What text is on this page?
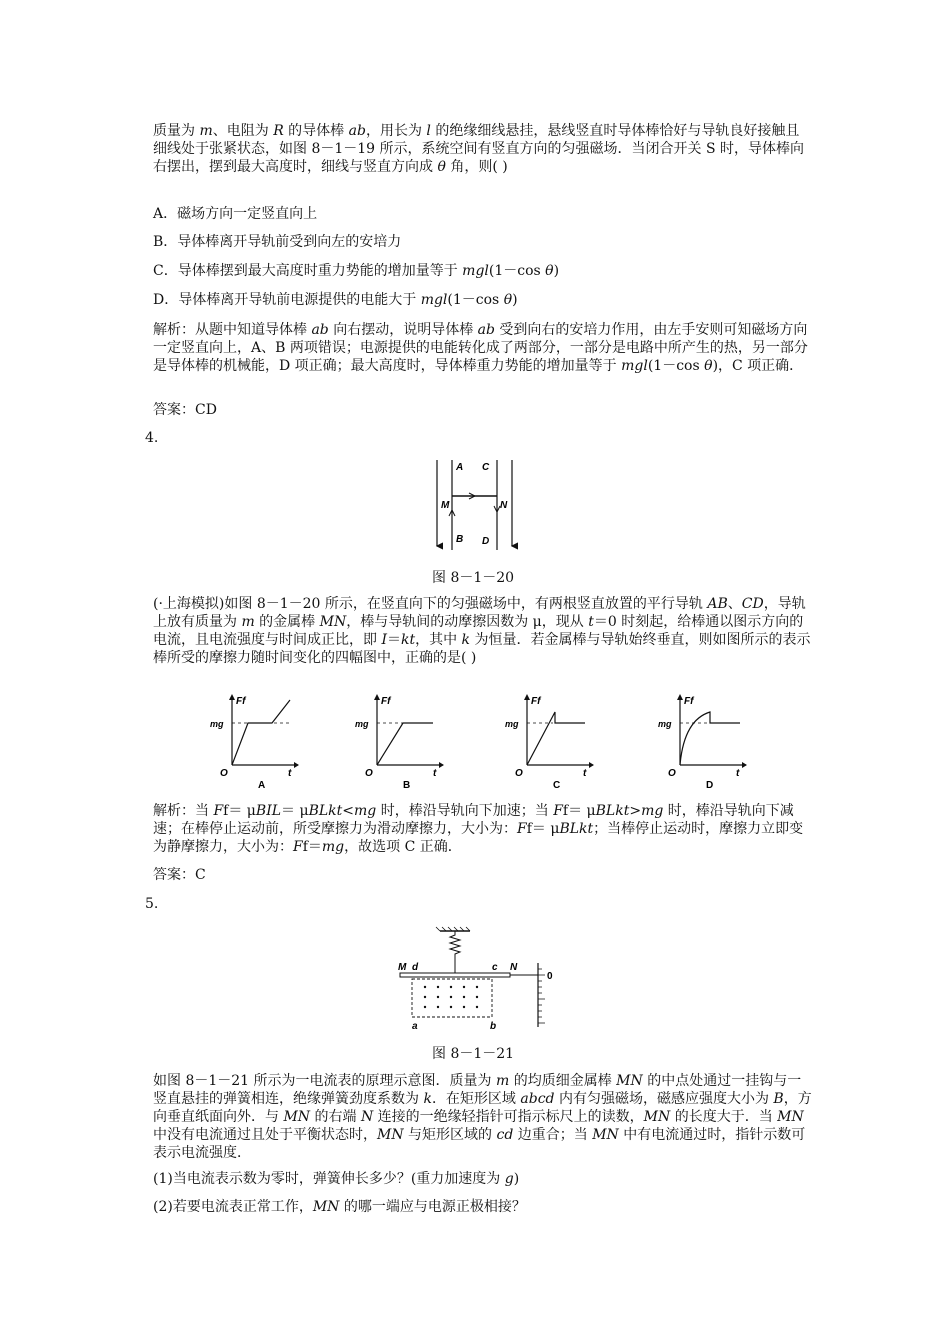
质量为 m、电阻为 R 的导体棒 ab，用长为 l 的绝缘细线悬挂，悬线竖直时导体棒恰好与导轨良好接触且细线处于张紧状态，如图 8－1－19 所示，系统空间有竖直方向的匀强磁场．当闭合开关 S 时，导体棒向右摆出，摆到最大高度时，细线与竖直方向成 θ 角，则( )

A．磁场方向一定竖直向上

B．导体棒离开导轨前受到向左的安培力

C．导体棒摆到最大高度时重力势能的增加量等于 mgl(1－cos θ)

D．导体棒离开导轨前电源提供的电能大于 mgl(1－cos θ)

解析：从题中知道导体棒 ab 向右摆动，说明导体棒 ab 受到向右的安培力作用，由左手安则可知磁场方向一定竖直向上，A、B 两项错误；电源提供的电能转化成了两部分，一部分是电路中所产生的热，另一部分是导体棒的机械能，D 项正确；最大高度时，导体棒重力势能的增加量等于 mgl(1－cos θ)，C 项正确．

答案：CD

4.
A C
M	N
B D
图 8－1－20

(·上海模拟)如图 8－1－20 所示，在竖直向下的匀强磁场中，有两根竖直放置的平行导轨 AB、CD，导轨上放有质量为 m 的金属棒 MN，棒与导轨间的动摩擦因数为 μ，现从 t＝0 时刻起，给棒通以图示方向的电流，且电流强度与时间成正比，即 I＝kt，其中 k 为恒量．若金属棒与导轨始终垂直，则如图所示的表示棒所受的摩擦力随时间变化的四幅图中，正确的是( )

Ff
mg
O	t
A
Ff
mg
O	t
B
Ff
mg
O	t
C
Ff
mg
O	t
D

解析：当 Ff＝ μBIL＝ μBLkt<mg 时，棒沿导轨向下加速；当 Ff＝ μBLkt>mg 时，棒沿导轨向下减速；在棒停止运动前，所受摩擦力为滑动摩擦力，大小为：Ff＝ μBLkt；当棒停止运动时，摩擦力立即变为静摩擦力，大小为：Ff＝mg，故选项 C 正确．

答案：C

5.
M d	c N
0
a	b
图 8－1－21

如图 8－1－21 所示为一电流表的原理示意图．质量为 m 的均质细金属棒 MN 的中点处通过一挂钩与一竖直悬挂的弹簧相连，绝缘弹簧劲度系数为 k．在矩形区域 abcd 内有匀强磁场，磁感应强度大小为 B，方向垂直纸面向外．与 MN 的右端 N 连接的一绝缘轻指针可指示标尺上的读数，MN 的长度大于．当 MN 中没有电流通过且处于平衡状态时，MN 与矩形区域的 cd 边重合；当 MN 中有电流通过时，指针示数可表示电流强度．

(1)当电流表示数为零时，弹簧伸长多少？(重力加速度为 g)

(2)若要电流表正常工作，MN 的哪一端应与电源正极相接？
